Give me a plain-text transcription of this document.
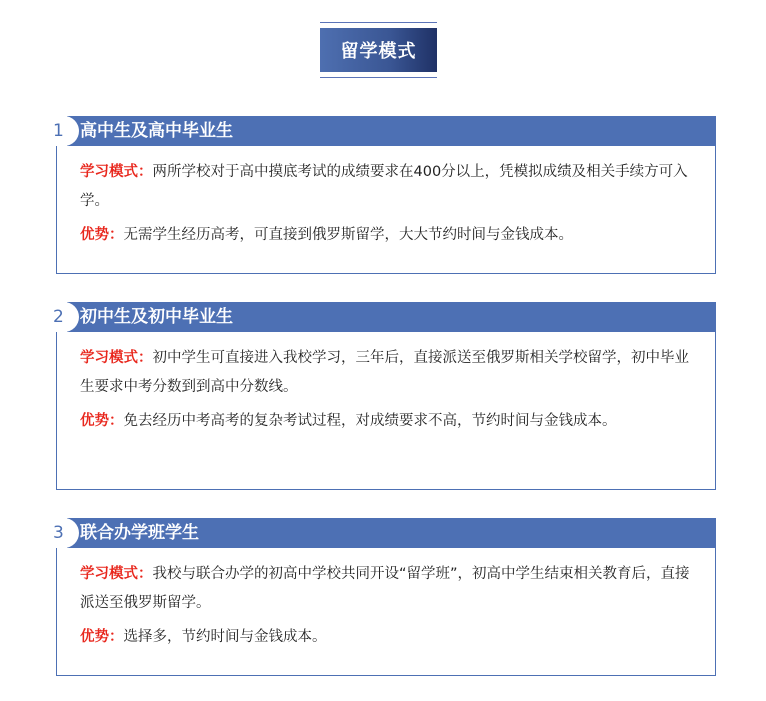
留学模式
1 高中生及高中毕业生

学习模式：两所学校对于高中摸底考试的成绩要求在400分以上，凭模拟成绩及相关手续方可入学。

优势：无需学生经历高考，可直接到俄罗斯留学，大大节约时间与金钱成本。

2 初中生及初中毕业生

学习模式：初中学生可直接进入我校学习，三年后，直接派送至俄罗斯相关学校留学，初中毕业生要求中考分数到到高中分数线。

优势：免去经历中考高考的复杂考试过程，对成绩要求不高，节约时间与金钱成本。

3 联合办学班学生

学习模式：我校与联合办学的初高中学校共同开设“留学班”，初高中学生结束相关教育后，直接派送至俄罗斯留学。

优势：选择多，节约时间与金钱成本。
